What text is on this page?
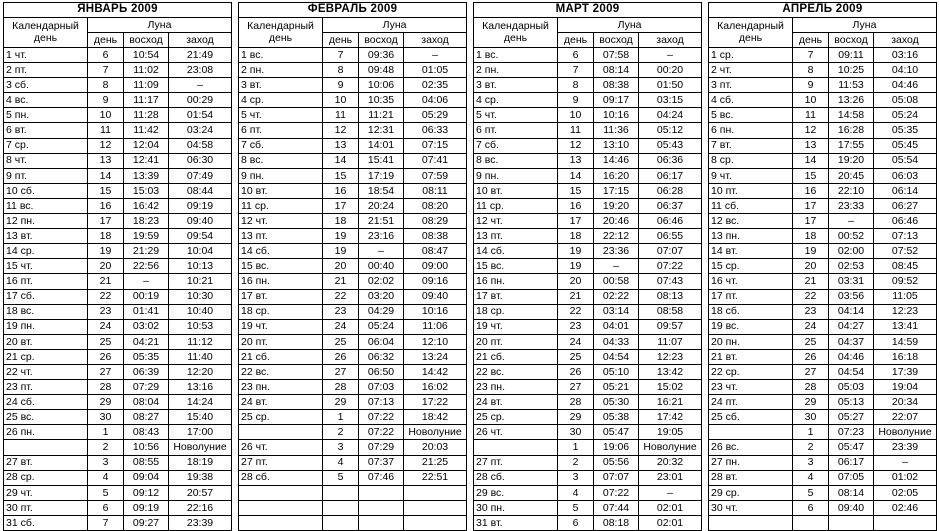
ЯНВАРЬ 2009			
Календарный день	Луна		
	день	восход	заход
1 чт.	6	10:54	21:49
2 пт.	7	11:02	23:08
3 сб.	8	11:09	–
4 вс.	9	11:17	00:29
5 пн.	10	11:28	01:54
6 вт.	11	11:42	03:24
7 ср.	12	12:04	04:58
8 чт.	13	12:41	06:30
9 пт.	14	13:39	07:49
10 сб.	15	15:03	08:44
11 вс.	16	16:42	09:19
12 пн.	17	18:23	09:40
13 вт.	18	19:59	09:54
14 ср.	19	21:29	10:04
15 чт.	20	22:56	10:13
16 пт.	21	–	10:21
17 сб.	22	00:19	10:30
18 вс.	23	01:41	10:40
19 пн.	24	03:02	10:53
20 вт.	25	04:21	11:12
21 ср.	26	05:35	11:40
22 чт.	27	06:39	12:20
23 пт.	28	07:29	13:16
24 сб.	29	08:04	14:24
25 вс.	30	08:27	15:40
26 пн.	1	08:43	17:00
	2	10:56	Новолуние
27 вт.	3	08:55	18:19
28 ср.	4	09:04	19:38
29 чт.	5	09:12	20:57
30 пт.	6	09:19	22:16
31 сб.	7	09:27	23:39
ФЕВРАЛЬ 2009			
Календарный день	Луна		
	день	восход	заход
1 вс.	7	09:36	–
2 пн.	8	09:48	01:05
3 вт.	9	10:06	02:35
4 ср.	10	10:35	04:06
5 чт.	11	11:21	05:29
6 пт.	12	12:31	06:33
7 сб.	13	14:01	07:15
8 вс.	14	15:41	07:41
9 пн.	15	17:19	07:59
10 вт.	16	18:54	08:11
11 ср.	17	20:24	08:20
12 чт.	18	21:51	08:29
13 пт.	19	23:16	08:38
14 сб.	19	–	08:47
15 вс.	20	00:40	09:00
16 пн.	21	02:02	09:16
17 вт.	22	03:20	09:40
18 ср.	23	04:29	10:16
19 чт.	24	05:24	11:06
20 пт.	25	06:04	12:10
21 сб.	26	06:32	13:24
22 вс.	27	06:50	14:42
23 пн.	28	07:03	16:02
24 вт.	29	07:13	17:22
25 ср.	1	07:22	18:42
	2	07:22	Новолуние
26 чт.	3	07:29	20:03
27 пт.	4	07:37	21:25
28 сб.	5	07:46	22:51

МАРТ 2009			
Календарный день	Луна		
	день	восход	заход
1 вс.	6	07:58	–
2 пн.	7	08:14	00:20
3 вт.	8	08:38	01:50
4 ср.	9	09:17	03:15
5 чт.	10	10:16	04:24
6 пт.	11	11:36	05:12
7 сб.	12	13:10	05:43
8 вс.	13	14:46	06:36
9 пн.	14	16:20	06:17
10 вт.	15	17:15	06:28
11 ср.	16	19:20	06:37
12 чт.	17	20:46	06:46
13 пт.	18	22:12	06:55
14 сб.	19	23:36	07:07
15 вс.	19	–	07:22
16 пн.	20	00:58	07:43
17 вт.	21	02:22	08:13
18 ср.	22	03:14	08:58
19 чт.	23	04:01	09:57
20 пт.	24	04:33	11:07
21 сб.	25	04:54	12:23
22 вс.	26	05:10	13:42
23 пн.	27	05:21	15:02
24 вт.	28	05:30	16:21
25 ср.	29	05:38	17:42
26 чт.	30	05:47	19:05
	1	19:06	Новолуние
27 пт.	2	05:56	20:32
28 сб.	3	07:07	23:01
29 вс.	4	07:22	–
30 пн.	5	07:44	02:01
31 вт.	6	08:18	02:01
АПРЕЛЬ 2009			
Календарный день	Луна		
	день	восход	заход
1 ср.	7	09:11	03:16
2 чт.	8	10:25	04:10
3 пт.	9	11:53	04:46
4 сб.	10	13:26	05:08
5 вс.	11	14:58	05:24
6 пн.	12	16:28	05:35
7 вт.	13	17:55	05:45
8 ср.	14	19:20	05:54
9 чт.	15	20:45	06:03
10 пт.	16	22:10	06:14
11 сб.	17	23:33	06:27
12 вс.	17	–	06:46
13 пн.	18	00:52	07:13
14 вт.	19	02:00	07:52
15 ср.	20	02:53	08:45
16 чт.	21	03:31	09:52
17 пт.	22	03:56	11:05
18 сб.	23	04:14	12:23
19 вс.	24	04:27	13:41
20 пн.	25	04:37	14:59
21 вт.	26	04:46	16:18
22 ср.	27	04:54	17:39
23 чт.	28	05:03	19:04
24 пт.	29	05:13	20:34
25 сб.	30	05:27	22:07
	1	07:23	Новолуние
26 вс.	2	05:47	23:39
27 пн.	3	06:17	–
28 вт.	4	07:05	01:02
29 ср.	5	08:14	02:05
30 чт.	6	09:40	02:46
